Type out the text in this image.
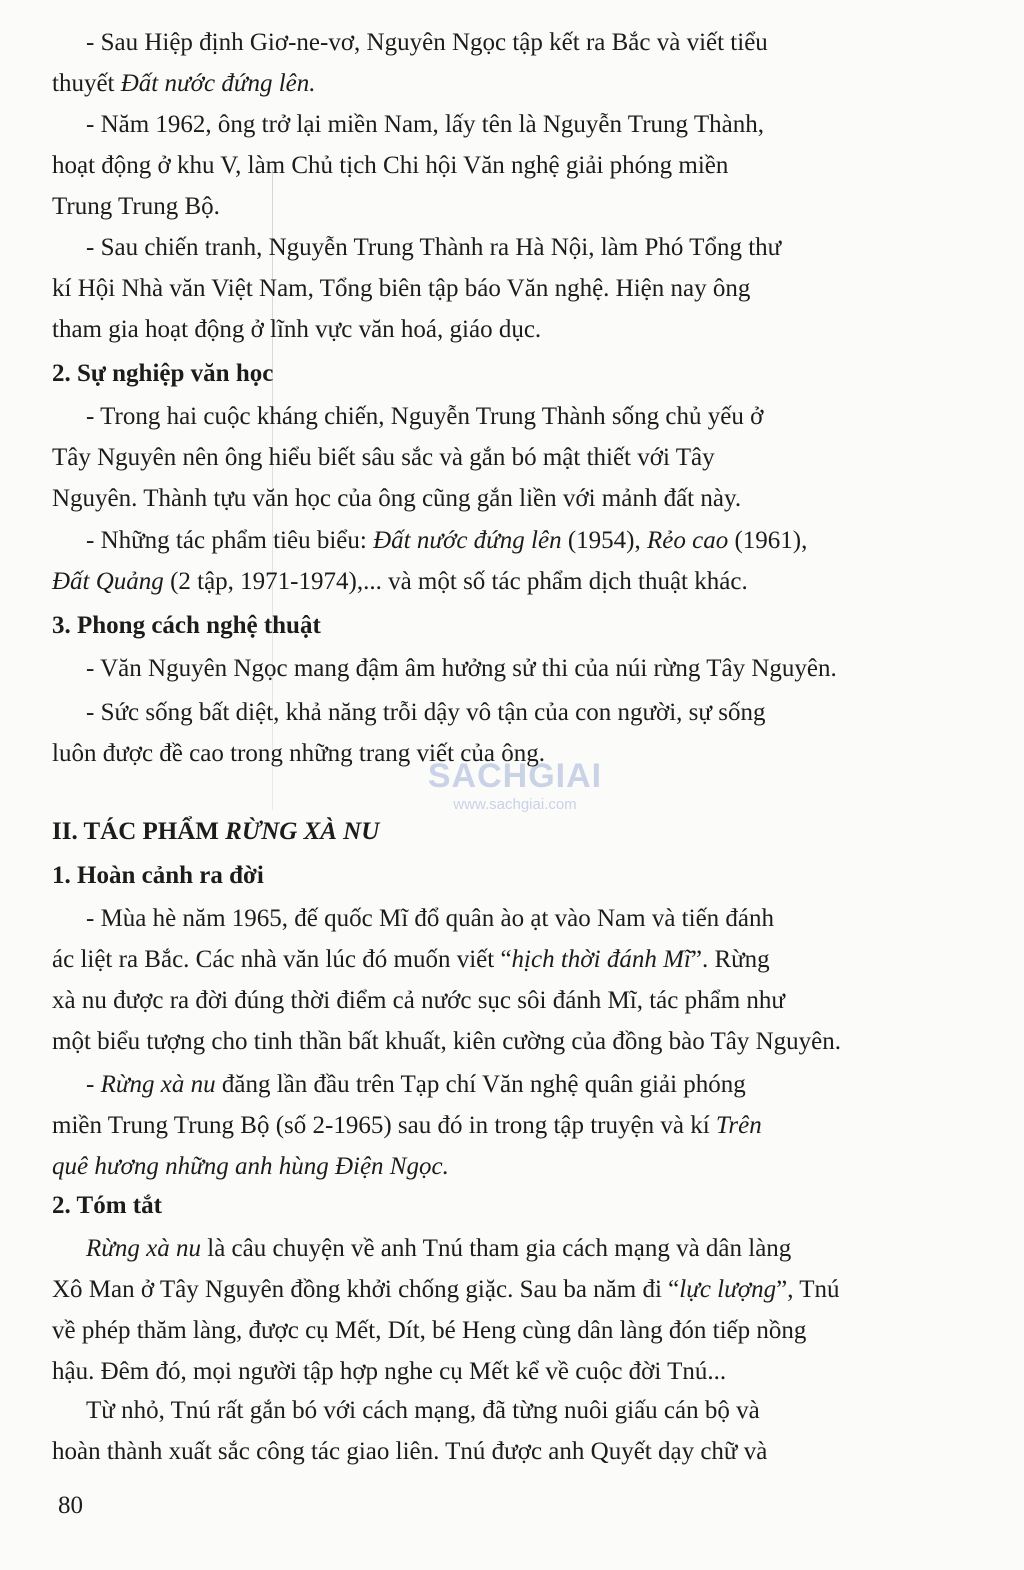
SACHGIAI
www.sachgiai.com
- Sau Hiệp định Giơ-ne-vơ, Nguyên Ngọc tập kết ra Bắc và viết tiểu
thuyết Đất nước đứng lên.
- Năm 1962, ông trở lại miền Nam, lấy tên là Nguyễn Trung Thành,
hoạt động ở khu V, làm Chủ tịch Chi hội Văn nghệ giải phóng miền
Trung Trung Bộ.
- Sau chiến tranh, Nguyễn Trung Thành ra Hà Nội, làm Phó Tổng thư
kí Hội Nhà văn Việt Nam, Tổng biên tập báo Văn nghệ. Hiện nay ông
tham gia hoạt động ở lĩnh vực văn hoá, giáo dục.
2. Sự nghiệp văn học
- Trong hai cuộc kháng chiến, Nguyễn Trung Thành sống chủ yếu ở
Tây Nguyên nên ông hiểu biết sâu sắc và gắn bó mật thiết với Tây
Nguyên. Thành tựu văn học của ông cũng gắn liền với mảnh đất này.
- Những tác phẩm tiêu biểu: Đất nước đứng lên (1954), Rẻo cao (1961),
Đất Quảng (2 tập, 1971-1974),... và một số tác phẩm dịch thuật khác.
3. Phong cách nghệ thuật
- Văn Nguyên Ngọc mang đậm âm hưởng sử thi của núi rừng Tây Nguyên.
- Sức sống bất diệt, khả năng trỗi dậy vô tận của con người, sự sống
luôn được đề cao trong những trang viết của ông.
II. TÁC PHẨM RỪNG XÀ NU
1. Hoàn cảnh ra đời
- Mùa hè năm 1965, đế quốc Mĩ đổ quân ào ạt vào Nam và tiến đánh
ác liệt ra Bắc. Các nhà văn lúc đó muốn viết “hịch thời đánh Mĩ”. Rừng
xà nu được ra đời đúng thời điểm cả nước sục sôi đánh Mĩ, tác phẩm như
một biểu tượng cho tinh thần bất khuất, kiên cường của đồng bào Tây Nguyên.
- Rừng xà nu đăng lần đầu trên Tạp chí Văn nghệ quân giải phóng
miền Trung Trung Bộ (số 2-1965) sau đó in trong tập truyện và kí Trên
quê hương những anh hùng Điện Ngọc.
2. Tóm tắt
Rừng xà nu là câu chuyện về anh Tnú tham gia cách mạng và dân làng
Xô Man ở Tây Nguyên đồng khởi chống giặc. Sau ba năm đi “lực lượng”, Tnú
về phép thăm làng, được cụ Mết, Dít, bé Heng cùng dân làng đón tiếp nồng
hậu. Đêm đó, mọi người tập hợp nghe cụ Mết kể về cuộc đời Tnú...
Từ nhỏ, Tnú rất gắn bó với cách mạng, đã từng nuôi giấu cán bộ và
hoàn thành xuất sắc công tác giao liên. Tnú được anh Quyết dạy chữ và
80
